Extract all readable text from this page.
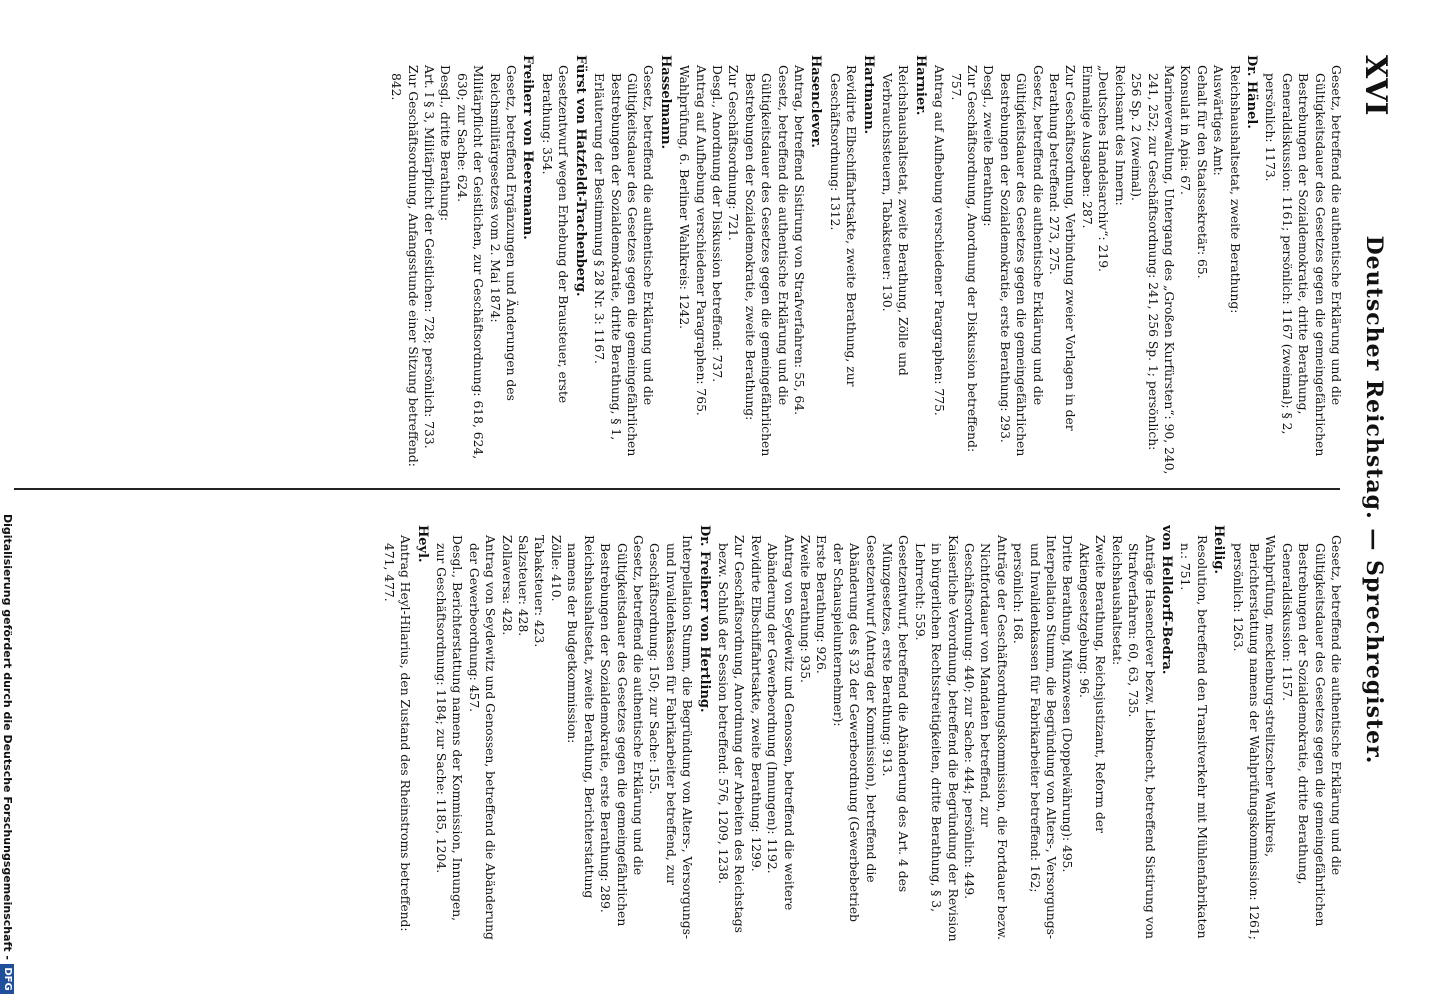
XVI
Deutscher Reichstag. — Sprechregister.
Gesetz, betreffend die authentische Erklärung und die Gültigkeitsdauer des Gesetzes gegen die gemeingefährlichen Bestrebungen der Sozialdemokratie, dritte Berathung, Generaldiskussion: 1161; persönlich: 1167 (zweimal); § 2, persönlich: 1173.
Dr. Hänel.
Reichshaushaltsetat, zweite Berathung:
Auswärtiges Amt:
Gehalt für den Staatssekretär: 65.
Konsulat in Apia: 67.
Marineverwaltung, Untergang des „Großen Kurfürsten“: 90, 240, 241, 252; zur Geschäftsordnung: 241, 256 Sp. 1; persönlich: 256 Sp. 2 (zweimal).
Reichsamt des Innern:
„Deutsches Handelsarchiv“: 219.
Einmalige Ausgaben: 287.
Zur Geschäftsordnung, Verbindung zweier Vorlagen in der Berathung betreffend: 273, 275.
Gesetz, betreffend die authentische Erklärung und die Gültigkeitsdauer des Gesetzes gegen die gemeingefährlichen Bestrebungen der Sozialdemokratie, erste Berathung: 293.
Desgl., zweite Berathung:
Zur Geschäftsordnung, Anordnung der Diskussion betreffend: 757.
Antrag auf Aufhebung verschiedener Paragraphen: 775.
Harnier.
Reichshaushaltsetat, zweite Berathung, Zölle und Verbrauchssteuern, Tabaksteuer: 130.
Hartmann.
Revidirte Elbschiffahrtsakte, zweite Berathung, zur Geschäftsordnung: 1312.
Hasenclever.
Antrag, betreffend Sistirung von Strafverfahren: 55, 64.
Gesetz, betreffend die authentische Erklärung und die Gültigkeitsdauer des Gesetzes gegen die gemeingefährlichen Bestrebungen der Sozialdemokratie, zweite Berathung:
Zur Geschäftsordnung: 721.
Desgl., Anordnung der Diskussion betreffend: 737.
Antrag auf Aufhebung verschiedener Paragraphen: 765.
Wahlprüfung, 6. Berliner Wahlkreis: 1242.
Hasselmann.
Gesetz, betreffend die authentische Erklärung und die Gültigkeitsdauer des Gesetzes gegen die gemeingefährlichen Bestrebungen der Sozialdemokratie, dritte Berathung, § 1, Erläuterung der Bestimmung § 28 Nr. 3: 1167.
Fürst von Hatzfeldt-Trachenberg.
Gesetzentwurf wegen Erhebung der Brausteuer, erste Berathung: 354.
Freiherr von Heeremann.
Gesetz, betreffend Ergänzungen und Änderungen des Reichsmilitärgesetzes vom 2. Mai 1874:
Militärpflicht der Geistlichen, zur Geschäftsordnung: 618, 624, 630; zur Sache: 624.
Desgl., dritte Berathung:
Art. I § 3, Militärpflicht der Geistlichen: 728; persönlich: 733.
Zur Geschäftsordnung, Anfangsstunde einer Sitzung betreffend: 842.
Gesetz, betreffend die authentische Erklärung und die Gültigkeitsdauer des Gesetzes gegen die gemeingefährlichen Bestrebungen der Sozialdemokratie, dritte Berathung, Generaldiskussion: 1157.
Wahlprüfung, mecklenburg-strelitzscher Wahlkreis, Berichterstattung namens der Wahlprüfungskommission: 1261; persönlich: 1263.
Heilig.
Resolution, betreffend den Transitverkehr mit Mühlenfabrikaten n.: 751.
von Helldorff-Bedra.
Anträge Hasenclever bezw. Liebknecht, betreffend Sistirung von Strafverfahren: 60, 63, 735.
Reichshaushaltsetat:
Zweite Berathung, Reichsjustizamt, Reform der Aktiengesetzgebung: 96.
Dritte Berathung, Münzwesen (Doppelwährung): 495.
Interpellation Stumm, die Begründung von Alters-, Versorgungs- und Invalidenkassen für Fabrikarbeiter betreffend: 162; persönlich: 168.
Anträge der Geschäftsordnungskommission, die Fortdauer bezw. Nichtfortdauer von Mandaten betreffend, zur Geschäftsordnung: 440; zur Sache: 444; persönlich: 449.
Kaiserliche Verordnung, betreffend die Begründung der Revision in bürgerlichen Rechtsstreitigkeiten, dritte Berathung, § 3, Lehrrecht: 559.
Gesetzentwurf, betreffend die Abänderung des Art. 4 des Münzgesetzes, erste Berathung: 913.
Gesetzentwurf (Antrag der Kommission), betreffend die Abänderung des § 32 der Gewerbeordnung (Gewerbebetrieb der Schauspielunternehmer):
Erste Berathung: 926.
Zweite Berathung: 935.
Antrag von Seydewitz und Genossen, betreffend die weitere Abänderung der Gewerbeordnung (Innungen): 1192.
Revidirte Elbschiffahrtsakte, zweite Berathung: 1299.
Zur Geschäftsordnung, Anordnung der Arbeiten des Reichstags bezw. Schluß der Session betreffend: 576, 1209, 1238.
Dr. Freiherr von Hertling.
Interpellation Stumm, die Begründung von Alters-, Versorgungs- und Invalidenkassen für Fabrikarbeiter betreffend, zur Geschäftsordnung: 150; zur Sache: 155.
Gesetz, betreffend die authentische Erklärung und die Gültigkeitsdauer des Gesetzes gegen die gemeingefährlichen Bestrebungen der Sozialdemokratie, erste Berathung: 289.
Reichshaushaltsetat, zweite Berathung, Berichterstattung namens der Budgetkommission:
Zölle: 410.
Tabaksteuer: 423.
Salzsteuer: 428.
Zollaversa: 428.
Antrag von Seydewitz und Genossen, betreffend die Abänderung der Gewerbeordnung: 457.
Desgl., Berichterstattung namens der Kommission, Innungen, zur Geschäftsordnung: 1184; zur Sache: 1185, 1204.
Heyl.
Antrag Heyl-Hilarius, den Zustand des Rheinstroms betreffend: 471, 477.
Digitalisierung gefördert durch die Deutsche Forschungsgemeinschaft -
DFG
